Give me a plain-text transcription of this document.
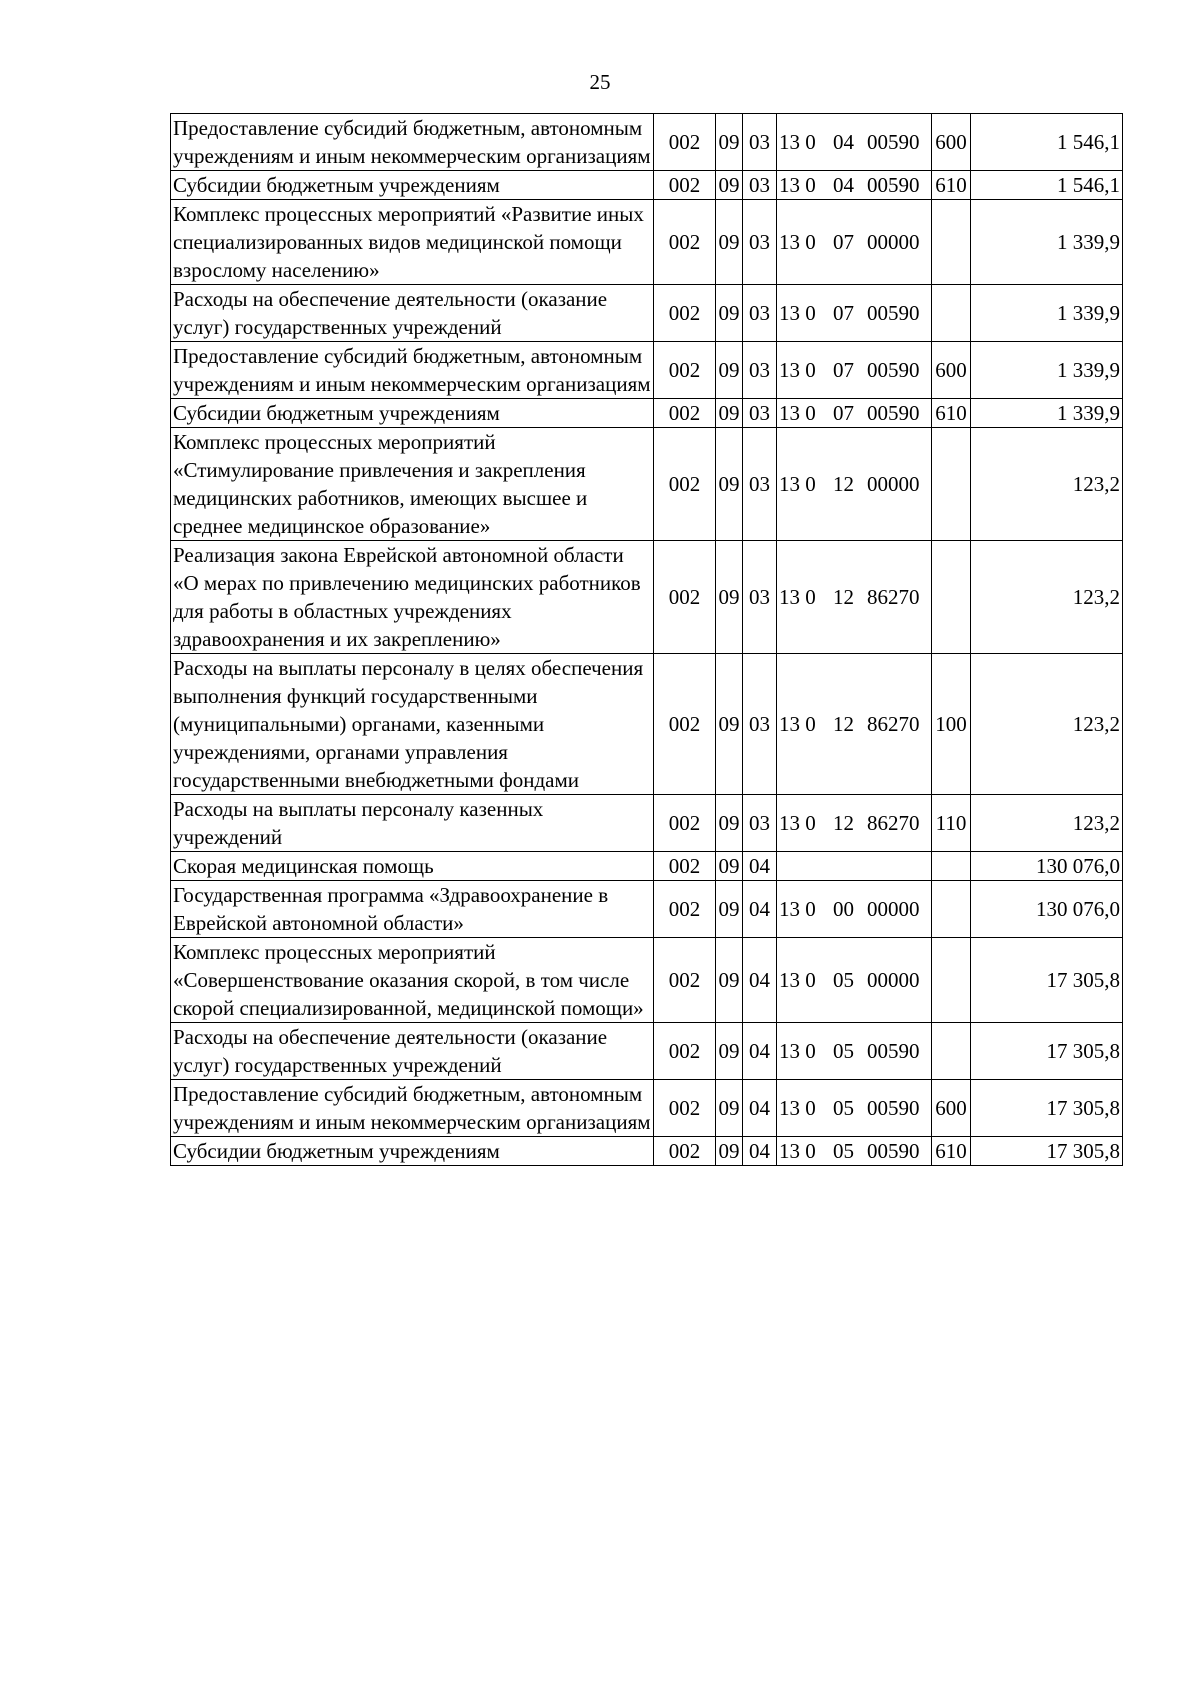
25
Предоставление субсидий бюджетным, автономным учреждениям и иным некоммерческим организациям	002	09	03	13 0 04 00590	600	1 546,1
Субсидии бюджетным учреждениям	002	09	03	13 0 04 00590	610	1 546,1
Комплекс процессных мероприятий «Развитие иных специализированных видов медицинской помощи взрослому населению»	002	09	03	13 0 07 00000		1 339,9
Расходы на обеспечение деятельности (оказание услуг) государственных учреждений	002	09	03	13 0 07 00590		1 339,9
Предоставление субсидий бюджетным, автономным учреждениям и иным некоммерческим организациям	002	09	03	13 0 07 00590	600	1 339,9
Субсидии бюджетным учреждениям	002	09	03	13 0 07 00590	610	1 339,9
Комплекс процессных мероприятий «Стимулирование привлечения и закрепления медицинских работников, имеющих высшее и среднее медицинское образование»	002	09	03	13 0 12 00000		123,2
Реализация закона Еврейской автономной области «О мерах по привлечению медицинских работников для работы в областных учреждениях здравоохранения и их закреплению»	002	09	03	13 0 12 86270		123,2
Расходы на выплаты персоналу в целях обеспечения выполнения функций государственными (муниципальными) органами, казенными учреждениями, органами управления государственными внебюджетными фондами	002	09	03	13 0 12 86270	100	123,2
Расходы на выплаты персоналу казенных учреждений	002	09	03	13 0 12 86270	110	123,2
Скорая медицинская помощь	002	09	04			130 076,0
Государственная программа «Здравоохранение в Еврейской автономной области»	002	09	04	13 0 00 00000		130 076,0
Комплекс процессных мероприятий «Совершенствование оказания скорой, в том числе скорой специализированной, медицинской помощи»	002	09	04	13 0 05 00000		17 305,8
Расходы на обеспечение деятельности (оказание услуг) государственных учреждений	002	09	04	13 0 05 00590		17 305,8
Предоставление субсидий бюджетным, автономным учреждениям и иным некоммерческим организациям	002	09	04	13 0 05 00590	600	17 305,8
Субсидии бюджетным учреждениям	002	09	04	13 0 05 00590	610	17 305,8
